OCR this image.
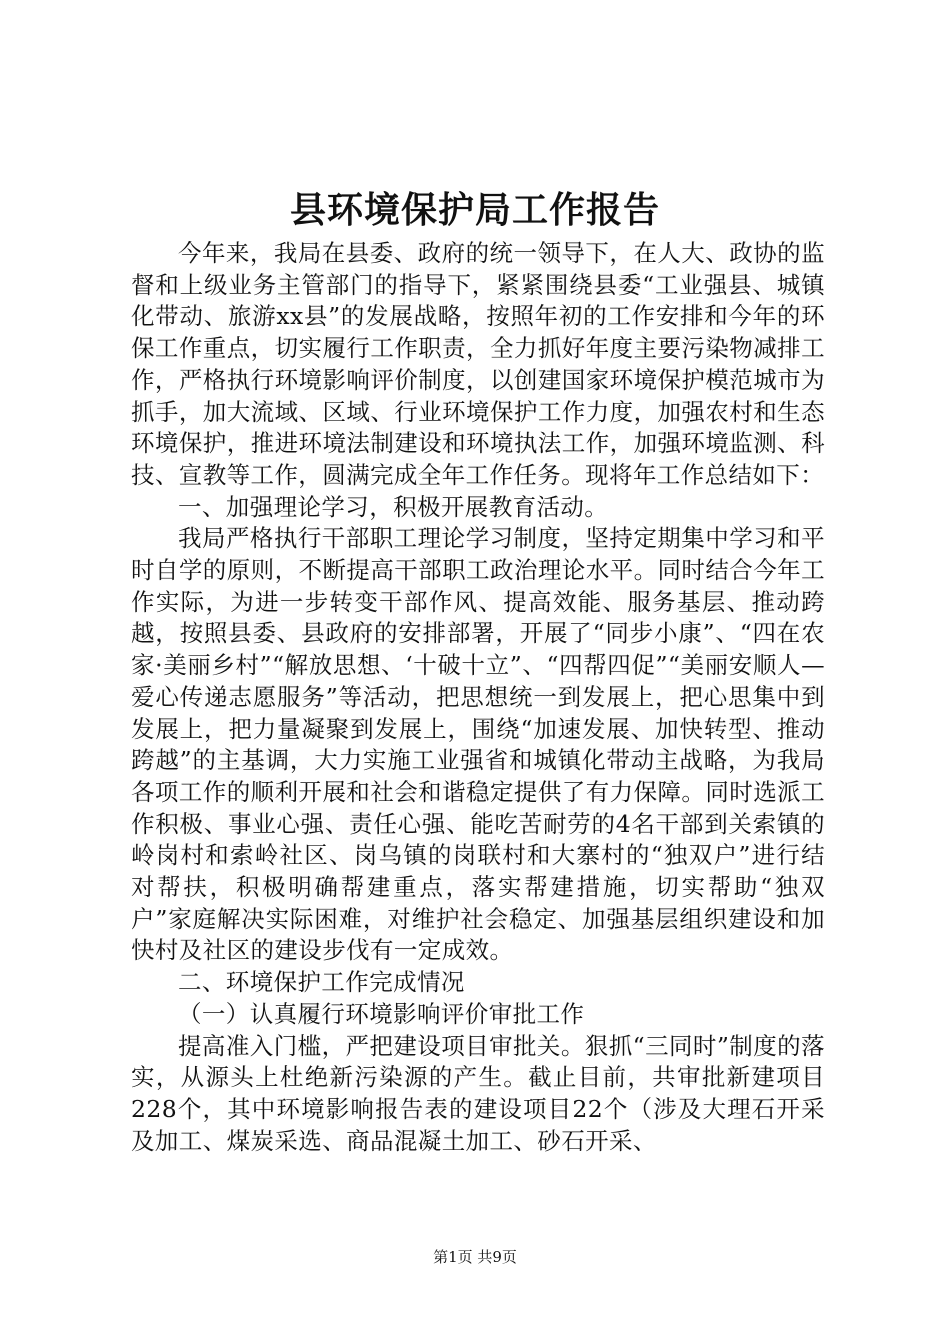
县环境保护局工作报告

今年来，我局在县委、政府的统一领导下，在人大、政协的监督和上级业务主管部门的指导下，紧紧围绕县委“工业强县、城镇化带动、旅游xx县”的发展战略，按照年初的工作安排和今年的环保工作重点，切实履行工作职责，全力抓好年度主要污染物减排工作，严格执行环境影响评价制度，以创建国家环境保护模范城市为抓手，加大流域、区域、行业环境保护工作力度，加强农村和生态环境保护，推进环境法制建设和环境执法工作，加强环境监测、科技、宣教等工作，圆满完成全年工作任务。现将年工作总结如下：

一、加强理论学习，积极开展教育活动。

我局严格执行干部职工理论学习制度，坚持定期集中学习和平时自学的原则，不断提高干部职工政治理论水平。同时结合今年工作实际，为进一步转变干部作风、提高效能、服务基层、推动跨越，按照县委、县政府的安排部署，开展了“同步小康”、“四在农家·美丽乡村”“解放思想、‘十破十立”、“四帮四促”“美丽安顺人—爱心传递志愿服务”等活动，把思想统一到发展上，把心思集中到发展上，把力量凝聚到发展上，围绕“加速发展、加快转型、推动跨越”的主基调，大力实施工业强省和城镇化带动主战略，为我局各项工作的顺利开展和社会和谐稳定提供了有力保障。同时选派工作积极、事业心强、责任心强、能吃苦耐劳的4名干部到关索镇的岭岗村和索岭社区、岗乌镇的岗联村和大寨村的“独双户”进行结对帮扶，积极明确帮建重点，落实帮建措施，切实帮助“独双户”家庭解决实际困难，对维护社会稳定、加强基层组织建设和加快村及社区的建设步伐有一定成效。

二、环境保护工作完成情况

（一）认真履行环境影响评价审批工作

提高准入门槛，严把建设项目审批关。狠抓“三同时”制度的落实，从源头上杜绝新污染源的产生。截止目前，共审批新建项目228个，其中环境影响报告表的建设项目22个（涉及大理石开采及加工、煤炭采选、商品混凝土加工、砂石开采、

第1页 共9页
